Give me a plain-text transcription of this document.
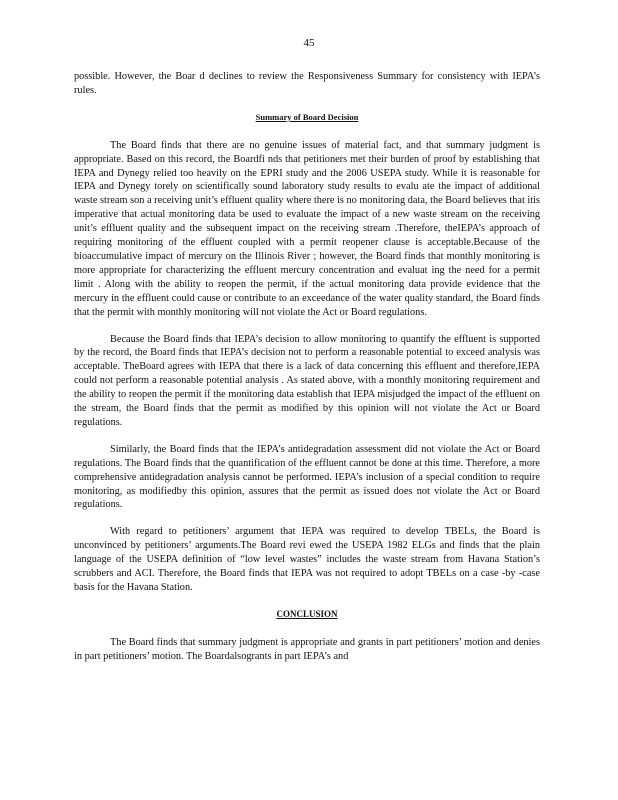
45

possible. However, the Boar d declines to review the Responsiveness Summary for consistency with IEPA’s rules.

Summary of Board Decision

The Board finds that there are no genuine issues of material fact, and that summary judgment is appropriate. Based on this record, the Boardfi nds that petitioners met their burden of proof by establishing that IEPA and Dynegy relied too heavily on the EPRI study and the 2006 USEPA study. While it is reasonable for IEPA and Dynegy torely on scientifically sound laboratory study results to evalu ate the impact of additional waste stream son a receiving unit’s effluent quality where there is no monitoring data, the Board believes that itis imperative that actual monitoring data be used to evaluate the impact of a new waste stream on the receiving unit’s effluent quality and the subsequent impact on the receiving stream .Therefore, theIEPA’s approach of requiring monitoring of the effluent coupled with a permit reopener clause is acceptable.Because of the bioaccumulative impact of mercury on the Illinois River ; however, the Board finds that monthly monitoring is more appropriate for characterizing the effluent mercury concentration and evaluat ing the need for a permit limit . Along with the ability to reopen the permit, if the actual monitoring data provide evidence that the mercury in the effluent could cause or contribute to an exceedance of the water quality standard, the Board finds that the permit with monthly monitoring will not violate the Act or Board regulations.

Because the Board finds that IEPA’s decision to allow monitoring to quantify the effluent is supported by the record, the Board finds that IEPA’s decision not to perform a reasonable potential to exceed analysis was acceptable. TheBoard agrees with IEPA that there is a lack of data concerning this effluent and therefore,IEPA could not perform a reasonable potential analysis . As stated above, with a monthly monitoring requirement and the ability to reopen the permit if the monitoring data establish that IEPA misjudged the impact of the effluent on the stream, the Board finds that the permit as modified by this opinion will not violate the Act or Board regulations.

Similarly, the Board finds that the IEPA’s antidegradation assessment did not violate the Act or Board regulations. The Board finds that the quantification of the effluent cannot be done at this time. Therefore, a more comprehensive antidegradation analysis cannot be performed. IEPA’s inclusion of a special condition to require monitoring, as modifiedby this opinion, assures that the permit as issued does not violate the Act or Board regulations.

With regard to petitioners’ argument that IEPA was required to develop TBELs, the Board is unconvinced by petitioners’ arguments.The Board revi ewed the USEPA 1982 ELGs and finds that the plain language of the USEPA definition of “low level wastes” includes the waste stream from Havana Station’s scrubbers and ACI. Therefore, the Board finds that IEPA was not required to adopt TBELs on a case -by -case basis for the Havana Station.

CONCLUSION

The Board finds that summary judgment is appropriate and grants in part petitioners’ motion and denies in part petitioners’ motion. The Boardalsogrants in part IEPA’s and
